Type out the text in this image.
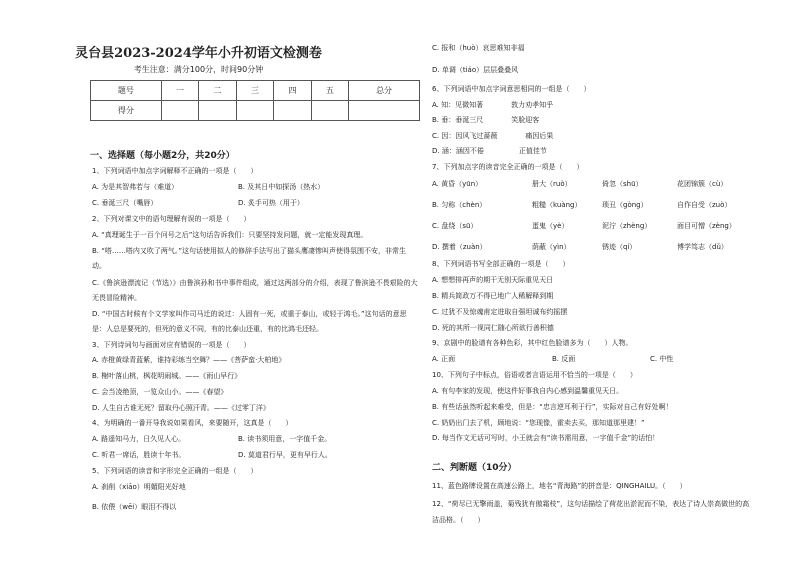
灵台县2023-2024学年小升初语文检测卷
考生注意：满分100分，时间90分钟
题号	一	二	三	四	五	总分
得分						
一、选择题（每小题2分，共20分）
1、下列词语中加点字词解释不正确的一项是（　　）
A. 为是其智弗若与（难道）	B. 及其日中如探汤（热水）
C. 垂涎三尺（嘴唇）	D. 炙手可热（用于）
2、下列对课文中的语句理解有误的一项是（　　）
A. “真理诞生于一百个问号之后”这句话告诉我们：只要坚持发问题，就一定能发现真理。
B. “嗒……嗒内又吹了两气。”这句话使用拟人的修辞手法写出了猫头鹰凄惨叫声使得氛围不安，非常生
动。
C.《鲁滨逊漂流记（节选）》由鲁滨孙和书中事件组成，通过这两部分的介绍，表现了鲁滨逊不畏艰险的大
无畏冒险精神。
D. “中国古时候有个文学家叫作司马迁的说过：人固有一死，或重于泰山，或轻于鸿毛。”这句话的意思
是：人总是要死的，但死的意义不同，有的比泰山还重，有的比鸿毛还轻。
3、下列诗词句与画面对应有错误的一项是（　　）
A. 赤橙黄绿青蓝紫，谁持彩练当空舞？——《菩萨蛮·大柏地》
B. 榭叶落山桃，枫花明闹城。——《雨山早行》
C. 会当凌绝顶，一览众山小。——《春望》
D. 人生自古谁无死？留取丹心照汗青。——《过零丁洋》
4、为明确的一番开导我说如果看风，来要随开，这真是（　　）
A. 路遥知马力，日久见人心。	B. 读书须用意，一字值千金。
C. 听君一席话，胜读十年书。	D. 莫道君行早，更有早行人。
5、下列词语的读音和字形完全正确的一组是（　　）
A. 刹削（xiāo）明媚阳光好地
B. 依偎（wēi）眼泪不得以
C. 报和（huò）哀思难知非福
D. 单调（tiáo）层层叠叠风
6、下列词语中加点字词意思相同的一组是（　　）
A. 知：见微知著　　　　敦力劝孝知乎
B. 垂：垂涎三尺　　　　笑脸迎客
C. 因：因风飞过蔷薇　　　　痛因后果
D. 涵：涵因不倦　　　　　正值佳节
7、下列加点字的读音完全正确的一项是（　　）
A. 黄昏（yūn）	册大（ruò）	倚忽（shū）	花团锦簇（cù）
B. 匀称（chèn）	粗糙（kuàng）	琐丑（gòng）	自作自受（zuò）
C. 盘绕（sū）	蛋鬼（yè）	泥泞（zhèng）	面目可憎（zèng）
D. 撰着（zuàn）	荫蔽（yìn）	锈迹（qí）	博学笃志（dǔ）
8、下列词语书写全部正确的一项是（　　）
A. 想想排再声的期干无别天际重见天日
B. 精兵简政万不得已地广人稀解释到期
C. 过犹不及惊魂甫定进取自强坦诚布约摇摆
D. 死的其所一视同仁随心所欲行善积德
9、京剧中的脸谱有各种色彩，其中红色脸谱多为（　　）人物。
A. 正面	B. 反面	C. 中性
10、下列句子中标点，俗语或者言语运用不恰当的一项是（　　）
A. 有句李家的发现，使这件好事我自内心感到温馨重见天日。
B. 有些话虽然听起来难受，但是：“忠言逆耳利于行”，实际对自己有好处啊！
C. 奶奶出门去了机，顾地说：“您现像，霍卖去买，那知道那里建！”
D. 每当作文无话可写时，小王就会有“读书需用意，一字值千金”的话怕！
二、判断题（10分）
11、蓝色路牌设置在高速公路上，地名“青海路”的拼音是：QINGHAILU。（　　）
12、“荷尽已无擎雨盖，菊残犹有傲霜枝”，这句话描绘了荷花出淤泥而不染，表达了诗人崇高做世的高
洁品格。（　　）
